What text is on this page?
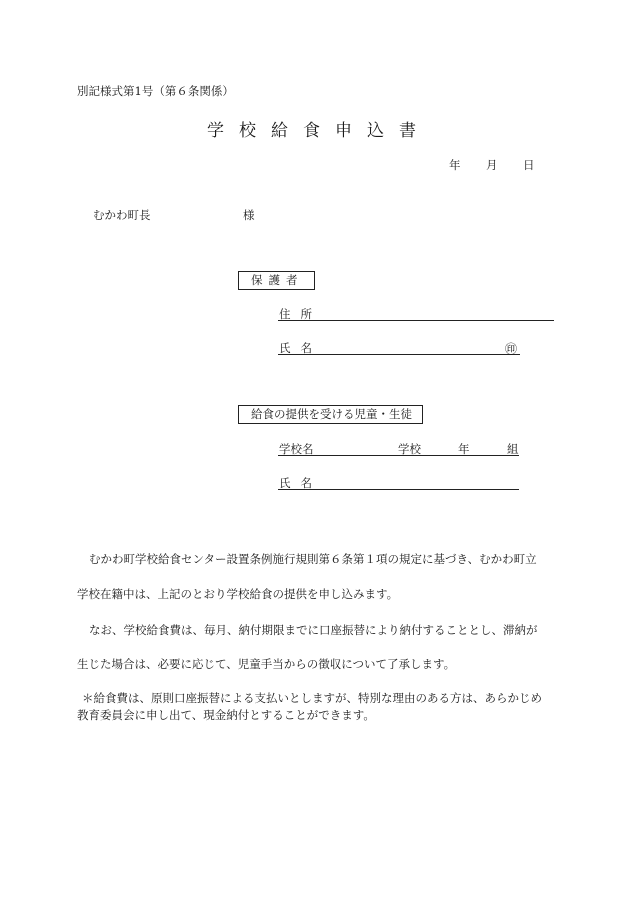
別記様式第1号（第６条関係）
学校給食申込書
年 月 日
むかわ町長	様
保護者
住所
氏名	㊞
給食の提供を受ける児童・生徒
学校名	学校	年	組
氏名
むかわ町学校給食センター設置条例施行規則第６条第１項の規定に基づき、むかわ町立
学校在籍中は、上記のとおり学校給食の提供を申し込みます。
なお、学校給食費は、毎月、納付期限までに口座振替により納付することとし、滞納が
生じた場合は、必要に応じて、児童手当からの徴収について了承します。
＊給食費は、原則口座振替による支払いとしますが、特別な理由のある方は、あらかじめ
教育委員会に申し出て、現金納付とすることができます。
